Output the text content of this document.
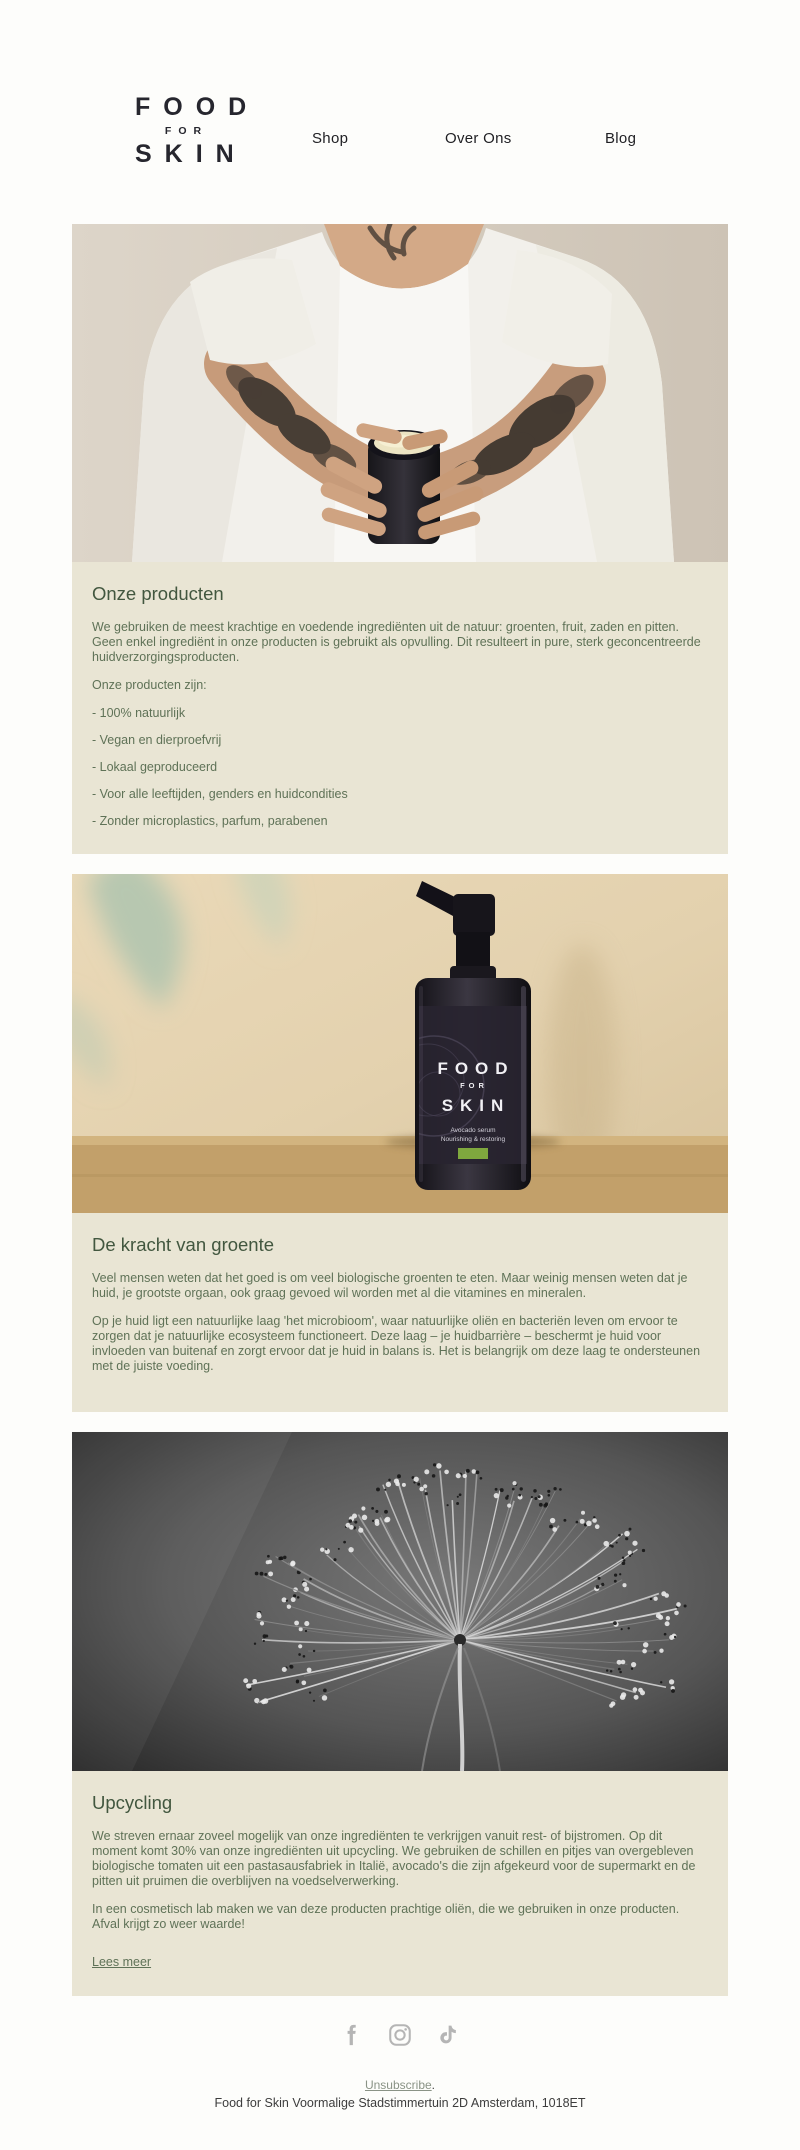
FOOD
FOR
SKIN
Shop	Over Ons	Blog
Onze producten

We gebruiken de meest krachtige en voedende ingrediënten uit de natuur: groenten, fruit, zaden en pitten. Geen enkel ingrediënt in onze producten is gebruikt als opvulling. Dit resulteert in pure, sterk geconcentreerde huidverzorgingsproducten.

Onze producten zijn:

- 100% natuurlijk
- Vegan en dierproefvrij
- Lokaal geproduceerd
- Voor alle leeftijden, genders en huidcondities
- Zonder microplastics, parfum, parabenen
FOOD
FOR
SKIN
Avocado serum
Nourishing & restoring
De kracht van groente

Veel mensen weten dat het goed is om veel biologische groenten te eten. Maar weinig mensen weten dat je huid, je grootste orgaan, ook graag gevoed wil worden met al die vitamines en mineralen.

Op je huid ligt een natuurlijke laag 'het microbioom', waar natuurlijke oliën en bacteriën leven om ervoor te zorgen dat je natuurlijke ecosysteem functioneert. Deze laag – je huidbarrière – beschermt je huid voor invloeden van buitenaf en zorgt ervoor dat je huid in balans is. Het is belangrijk om deze laag te ondersteunen met de juiste voeding.

Upcycling

We streven ernaar zoveel mogelijk van onze ingrediënten te verkrijgen vanuit rest- of bijstromen. Op dit moment komt 30% van onze ingrediënten uit upcycling. We gebruiken de schillen en pitjes van overgebleven biologische tomaten uit een pastasausfabriek in Italië, avocado's die zijn afgekeurd voor de supermarkt en de pitten uit pruimen die overblijven na voedselverwerking.

In een cosmetisch lab maken we van deze producten prachtige oliën, die we gebruiken in onze producten. Afval krijgt zo weer waarde!

Lees meer
Unsubscribe.
Food for Skin Voormalige Stadstimmertuin 2D Amsterdam, 1018ET
